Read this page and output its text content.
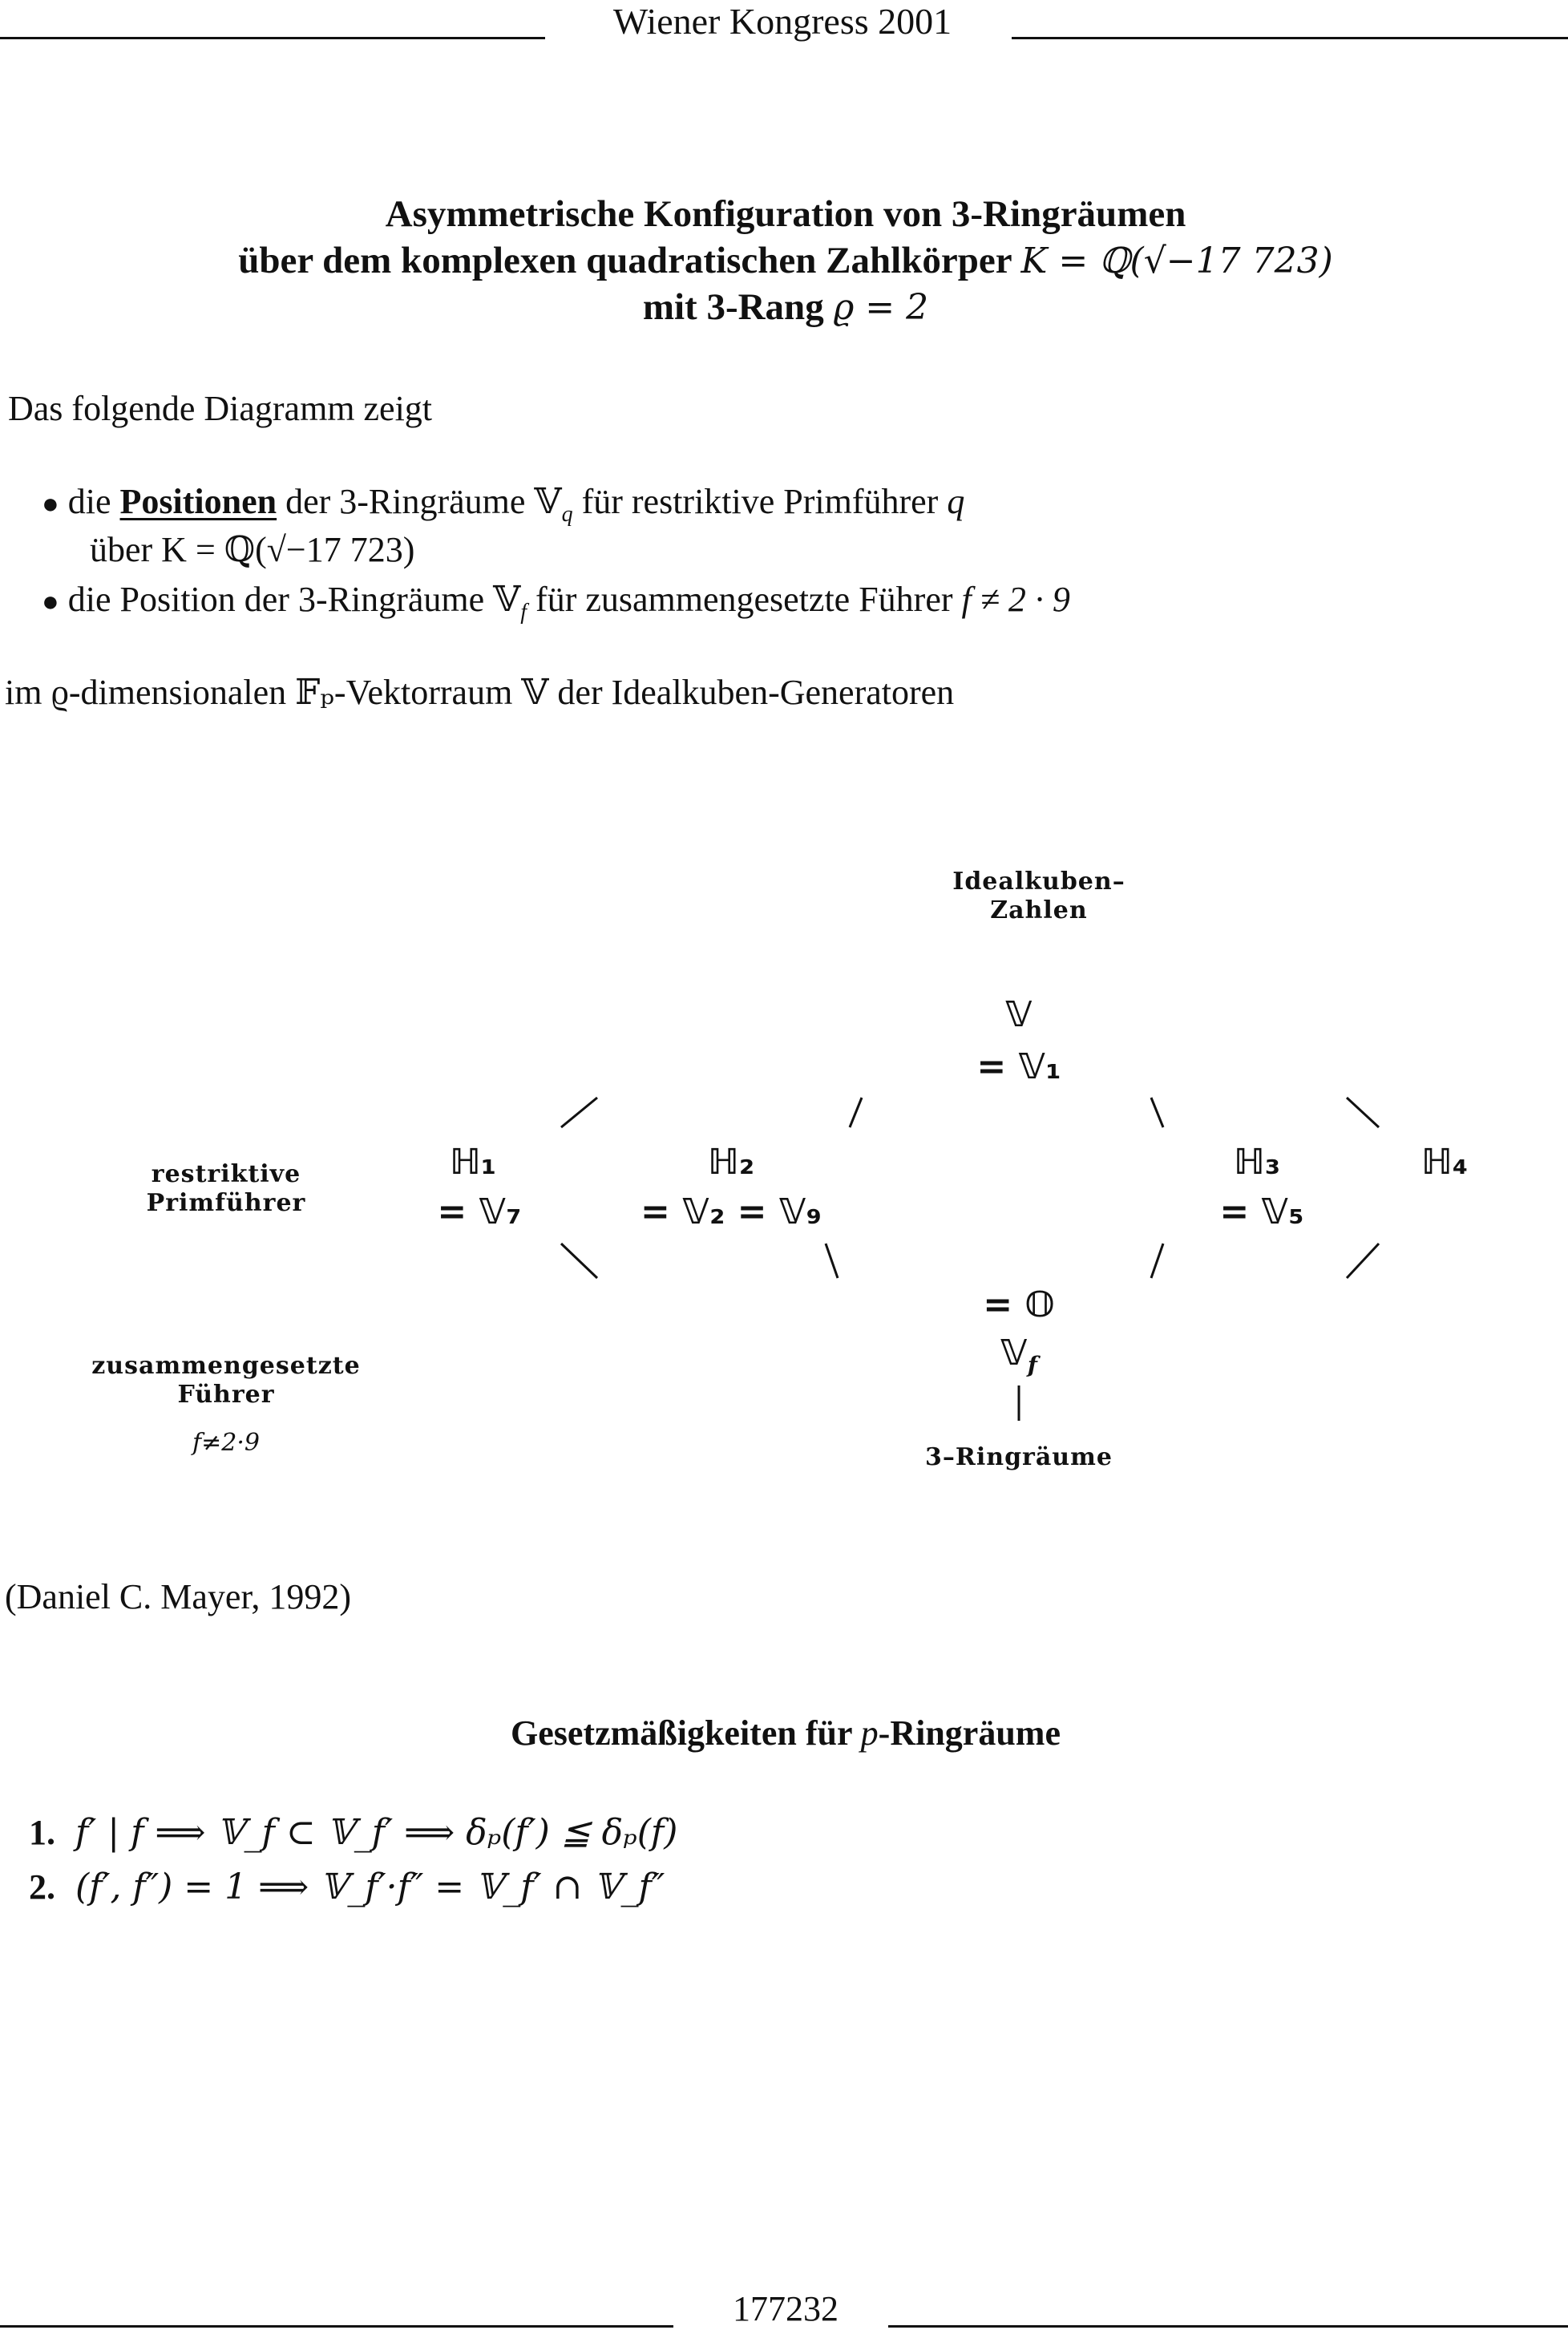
Wiener Kongress 2001
Asymmetrische Konfiguration von 3-Ringräumen
über dem komplexen quadratischen Zahlkörper K = ℚ(√−17 723)
mit 3-Rang ϱ = 2
Das folgende Diagramm zeigt
● die Positionen der 3-Ringräume 𝕍$_q$ für restriktive Primführer q
über K = ℚ(√−17 723)
● die Position der 3-Ringräume 𝕍$_f$ für zusammengesetzte Führer f ≠ 2 · 9
im ϱ-dimensionalen 𝔽ₚ-Vektorraum 𝕍 der Idealkuben-Generatoren
Idealkuben–
Zahlen
𝕍
= 𝕍₁
restriktive
Primführer
ℍ₁
= 𝕍₇
ℍ₂
= 𝕍₂ = 𝕍₉
ℍ₃
= 𝕍₅
ℍ₄
= 𝕆
𝕍$_f$
zusammengesetzte
Führer
f≠2·9
3–Ringräume
(Daniel C. Mayer, 1992)
Gesetzmäßigkeiten für p-Ringräume
1. f′ | f ⟹ 𝕍_f ⊂ 𝕍_f′ ⟹ δₚ(f′) ≦ δₚ(f)
2. (f′, f″) = 1 ⟹ 𝕍_f′·f″ = 𝕍_f′ ∩ 𝕍_f″
177232
